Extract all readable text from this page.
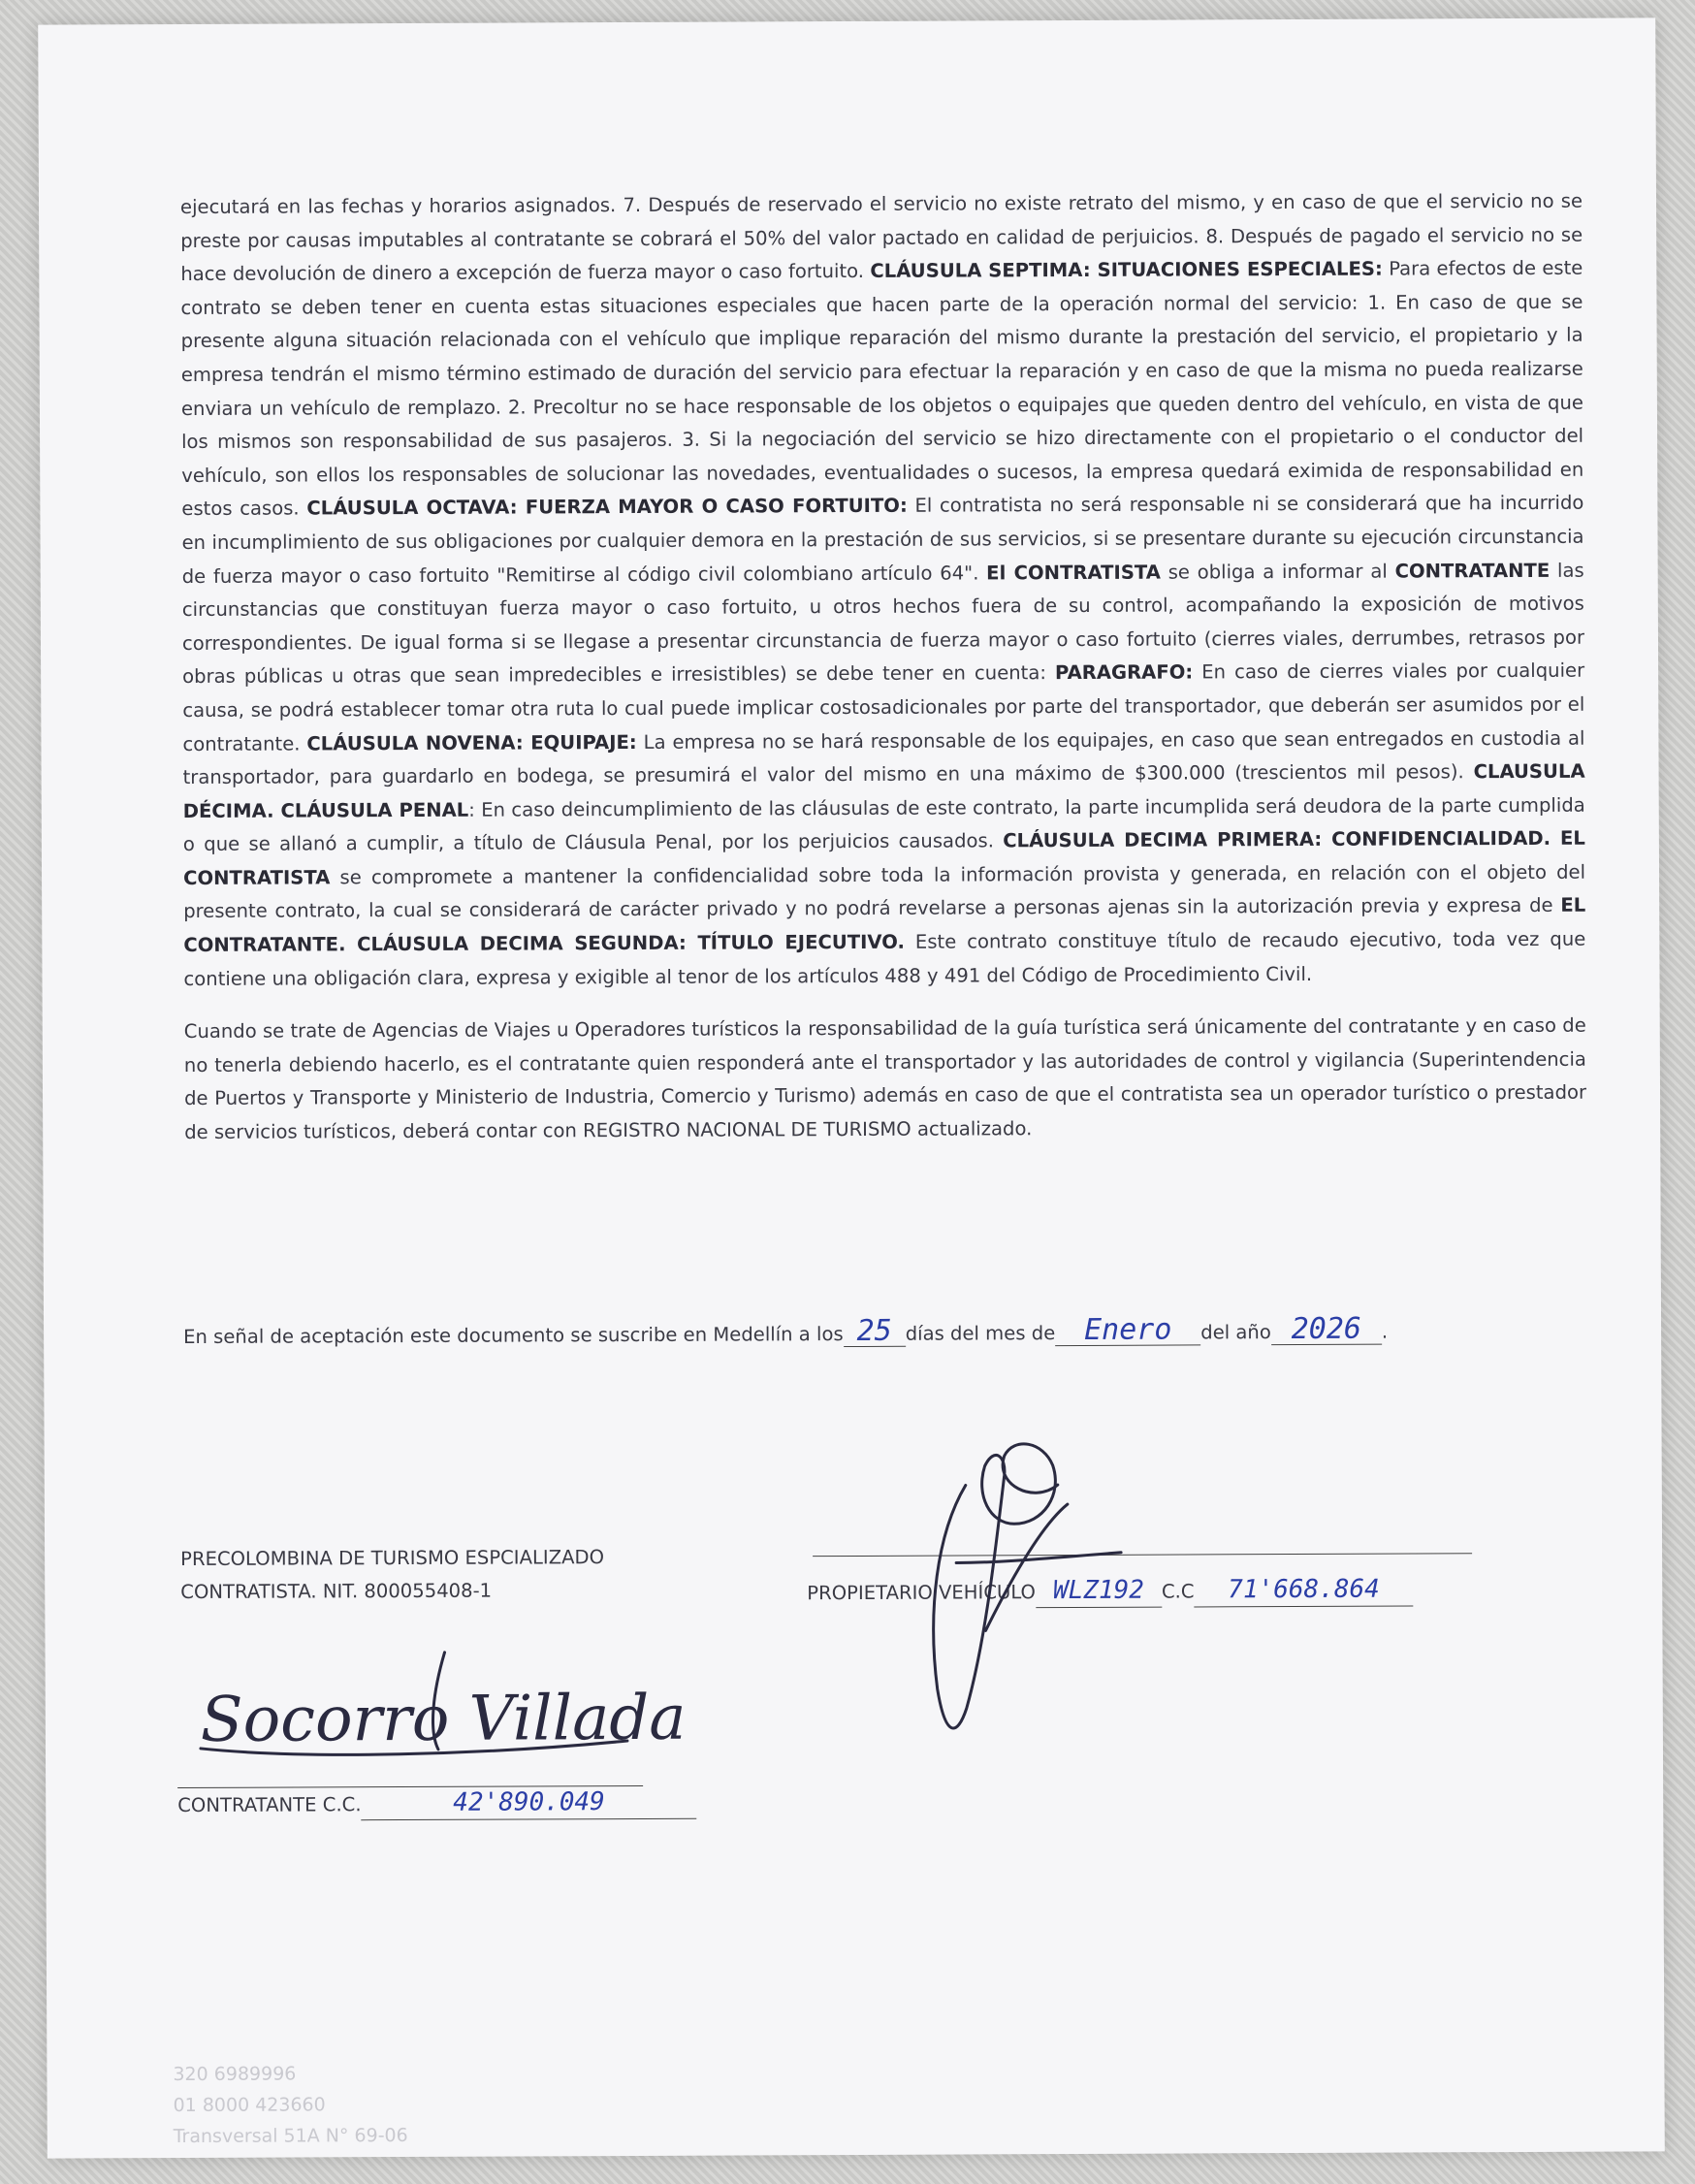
ejecutará en las fechas y horarios asignados. 7. Después de reservado el servicio no existe retrato del mismo, y en caso de que el servicio no se preste por causas imputables al contratante se cobrará el 50% del valor pactado en calidad de perjuicios. 8. Después de pagado el servicio no se hace devolución de dinero a excepción de fuerza mayor o caso fortuito. CLÁUSULA SEPTIMA: SITUACIONES ESPECIALES: Para efectos de este contrato se deben tener en cuenta estas situaciones especiales que hacen parte de la operación normal del servicio: 1. En caso de que se presente alguna situación relacionada con el vehículo que implique reparación del mismo durante la prestación del servicio, el propietario y la empresa tendrán el mismo término estimado de duración del servicio para efectuar la reparación y en caso de que la misma no pueda realizarse enviara un vehículo de remplazo. 2. Precoltur no se hace responsable de los objetos o equipajes que queden dentro del vehículo, en vista de que los mismos son responsabilidad de sus pasajeros. 3. Si la negociación del servicio se hizo directamente con el propietario o el conductor del vehículo, son ellos los responsables de solucionar las novedades, eventualidades o sucesos, la empresa quedará eximida de responsabilidad en estos casos. CLÁUSULA OCTAVA: FUERZA MAYOR O CASO FORTUITO: El contratista no será responsable ni se considerará que ha incurrido en incumplimiento de sus obligaciones por cualquier demora en la prestación de sus servicios, si se presentare durante su ejecución circunstancia de fuerza mayor o caso fortuito "Remitirse al código civil colombiano artículo 64". El CONTRATISTA se obliga a informar al CONTRATANTE las circunstancias que constituyan fuerza mayor o caso fortuito, u otros hechos fuera de su control, acompañando la exposición de motivos correspondientes. De igual forma si se llegase a presentar circunstancia de fuerza mayor o caso fortuito (cierres viales, derrumbes, retrasos por obras públicas u otras que sean impredecibles e irresistibles) se debe tener en cuenta: PARAGRAFO: En caso de cierres viales por cualquier causa, se podrá establecer tomar otra ruta lo cual puede implicar costosadicionales por parte del transportador, que deberán ser asumidos por el contratante. CLÁUSULA NOVENA: EQUIPAJE: La empresa no se hará responsable de los equipajes, en caso que sean entregados en custodia al transportador, para guardarlo en bodega, se presumirá el valor del mismo en una máximo de $300.000 (trescientos mil pesos). CLAUSULA DÉCIMA. CLÁUSULA PENAL: En caso deincumplimiento de las cláusulas de este contrato, la parte incumplida será deudora de la parte cumplida o que se allanó a cumplir, a título de Cláusula Penal, por los perjuicios causados. CLÁUSULA DECIMA PRIMERA: CONFIDENCIALIDAD. EL CONTRATISTA se compromete a mantener la confidencialidad sobre toda la información provista y generada, en relación con el objeto del presente contrato, la cual se considerará de carácter privado y no podrá revelarse a personas ajenas sin la autorización previa y expresa de EL CONTRATANTE. CLÁUSULA DECIMA SEGUNDA: TÍTULO EJECUTIVO. Este contrato constituye título de recaudo ejecutivo, toda vez que contiene una obligación clara, expresa y exigible al tenor de los artículos 488 y 491 del Código de Procedimiento Civil.

Cuando se trate de Agencias de Viajes u Operadores turísticos la responsabilidad de la guía turística será únicamente del contratante y en caso de no tenerla debiendo hacerlo, es el contratante quien responderá ante el transportador y las autoridades de control y vigilancia (Superintendencia de Puertos y Transporte y Ministerio de Industria, Comercio y Turismo) además en caso de que el contratista sea un operador turístico o prestador de servicios turísticos, deberá contar con REGISTRO NACIONAL DE TURISMO actualizado.

En señal de aceptación este documento se suscribe en Medellín a los 25 días del mes de Enero del año 2026 .
PRECOLOMBINA DE TURISMO ESPCIALIZADO
CONTRATISTA. NIT. 800055408-1	PROPIETARIO VEHÍCULO WLZ192 C.C 71'668.864
Socorro Villada
CONTRATANTE C.C.	42'890.049
320 6989996
01 8000 423660
Transversal 51A N° 69-06
